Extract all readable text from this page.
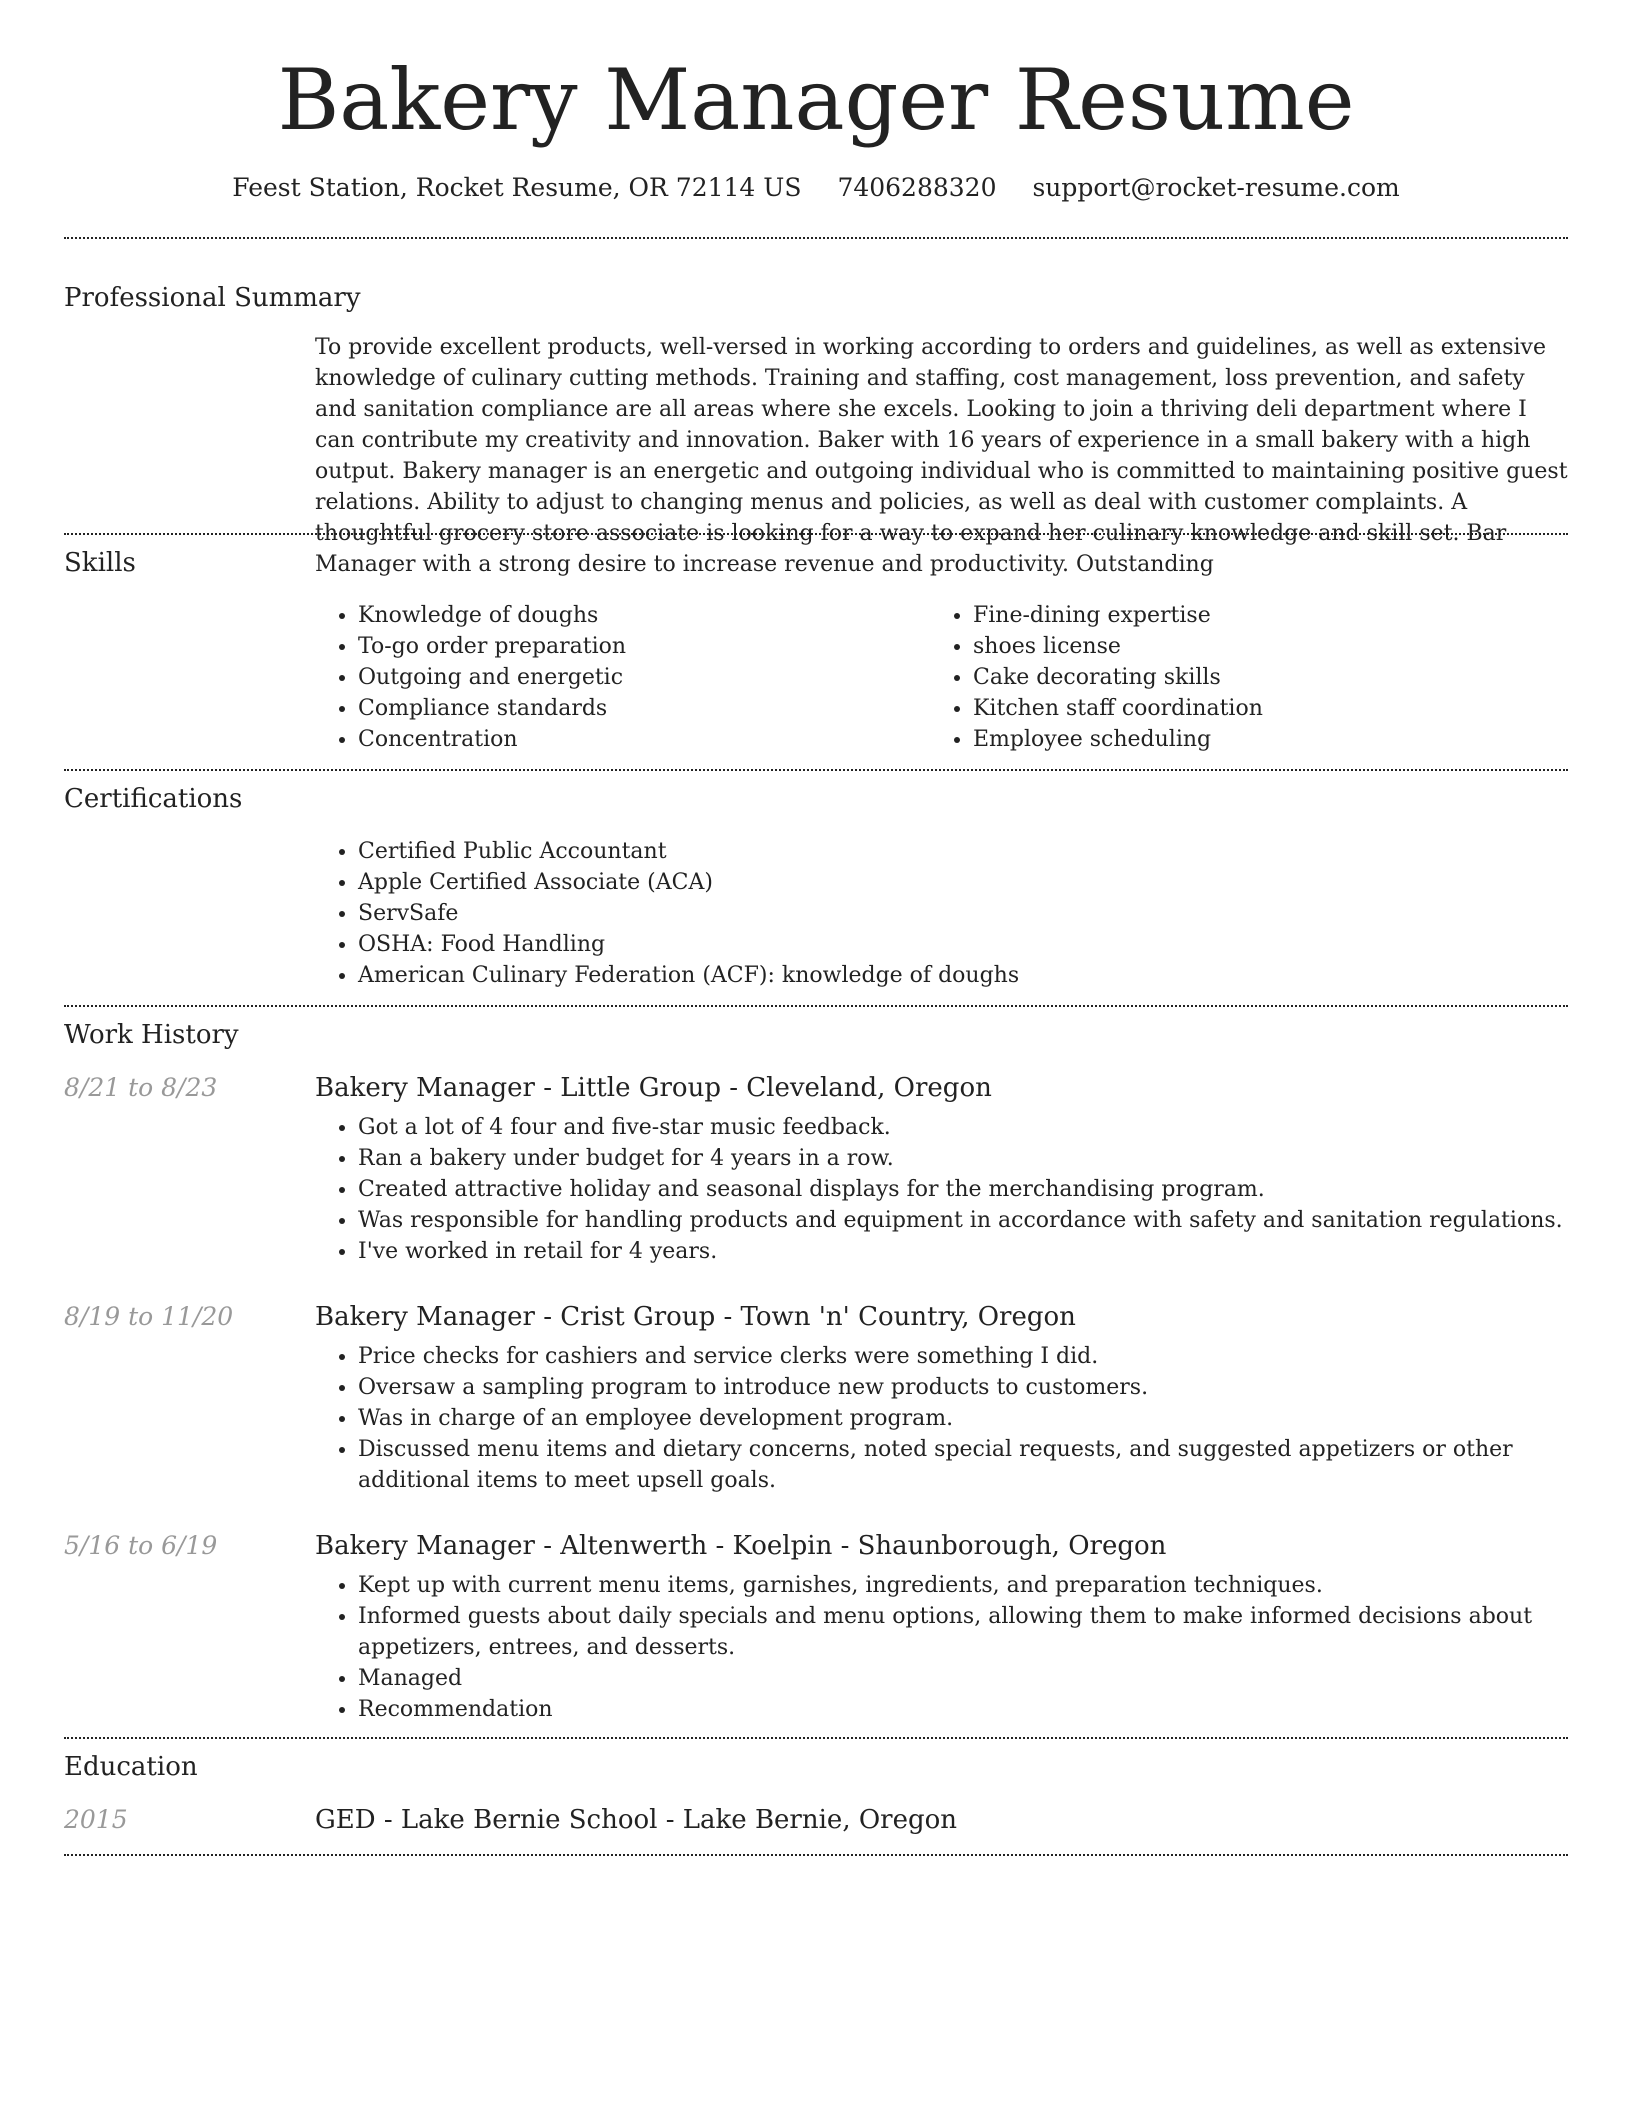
Bakery Manager Resume
Feest Station, Rocket Resume, OR 72114 US 7406288320 support@rocket-resume.com
Professional Summary
To provide excellent products, well-versed in working according to orders and guidelines, as well as extensive knowledge of culinary cutting methods. Training and staffing, cost management, loss prevention, and safety and sanitation compliance are all areas where she excels. Looking to join a thriving deli department where I can contribute my creativity and innovation. Baker with 16 years of experience in a small bakery with a high output. Bakery manager is an energetic and outgoing individual who is committed to maintaining positive guest relations. Ability to adjust to changing menus and policies, as well as deal with customer complaints. A thoughtful grocery store associate is looking for a way to expand her culinary knowledge and skill set. Bar Manager with a strong desire to increase revenue and productivity. Outstanding
Skills
• Knowledge of doughs
• To-go order preparation
• Outgoing and energetic
• Compliance standards
• Concentration
• Fine-dining expertise
• shoes license
• Cake decorating skills
• Kitchen staff coordination
• Employee scheduling
Certifications
• Certified Public Accountant
• Apple Certified Associate (ACA)
• ServSafe
• OSHA: Food Handling
• American Culinary Federation (ACF): knowledge of doughs
Work History
8/21 to 8/23	Bakery Manager - Little Group - Cleveland, Oregon
• Got a lot of 4 four and five-star music feedback.
• Ran a bakery under budget for 4 years in a row.
• Created attractive holiday and seasonal displays for the merchandising program.
• Was responsible for handling products and equipment in accordance with safety and sanitation regulations.
• I've worked in retail for 4 years.
8/19 to 11/20	Bakery Manager - Crist Group - Town 'n' Country, Oregon
• Price checks for cashiers and service clerks were something I did.
• Oversaw a sampling program to introduce new products to customers.
• Was in charge of an employee development program.
• Discussed menu items and dietary concerns, noted special requests, and suggested appetizers or other additional items to meet upsell goals.
5/16 to 6/19	Bakery Manager - Altenwerth - Koelpin - Shaunborough, Oregon
• Kept up with current menu items, garnishes, ingredients, and preparation techniques.
• Informed guests about daily specials and menu options, allowing them to make informed decisions about appetizers, entrees, and desserts.
• Managed
• Recommendation
Education
2015	GED - Lake Bernie School - Lake Bernie, Oregon
